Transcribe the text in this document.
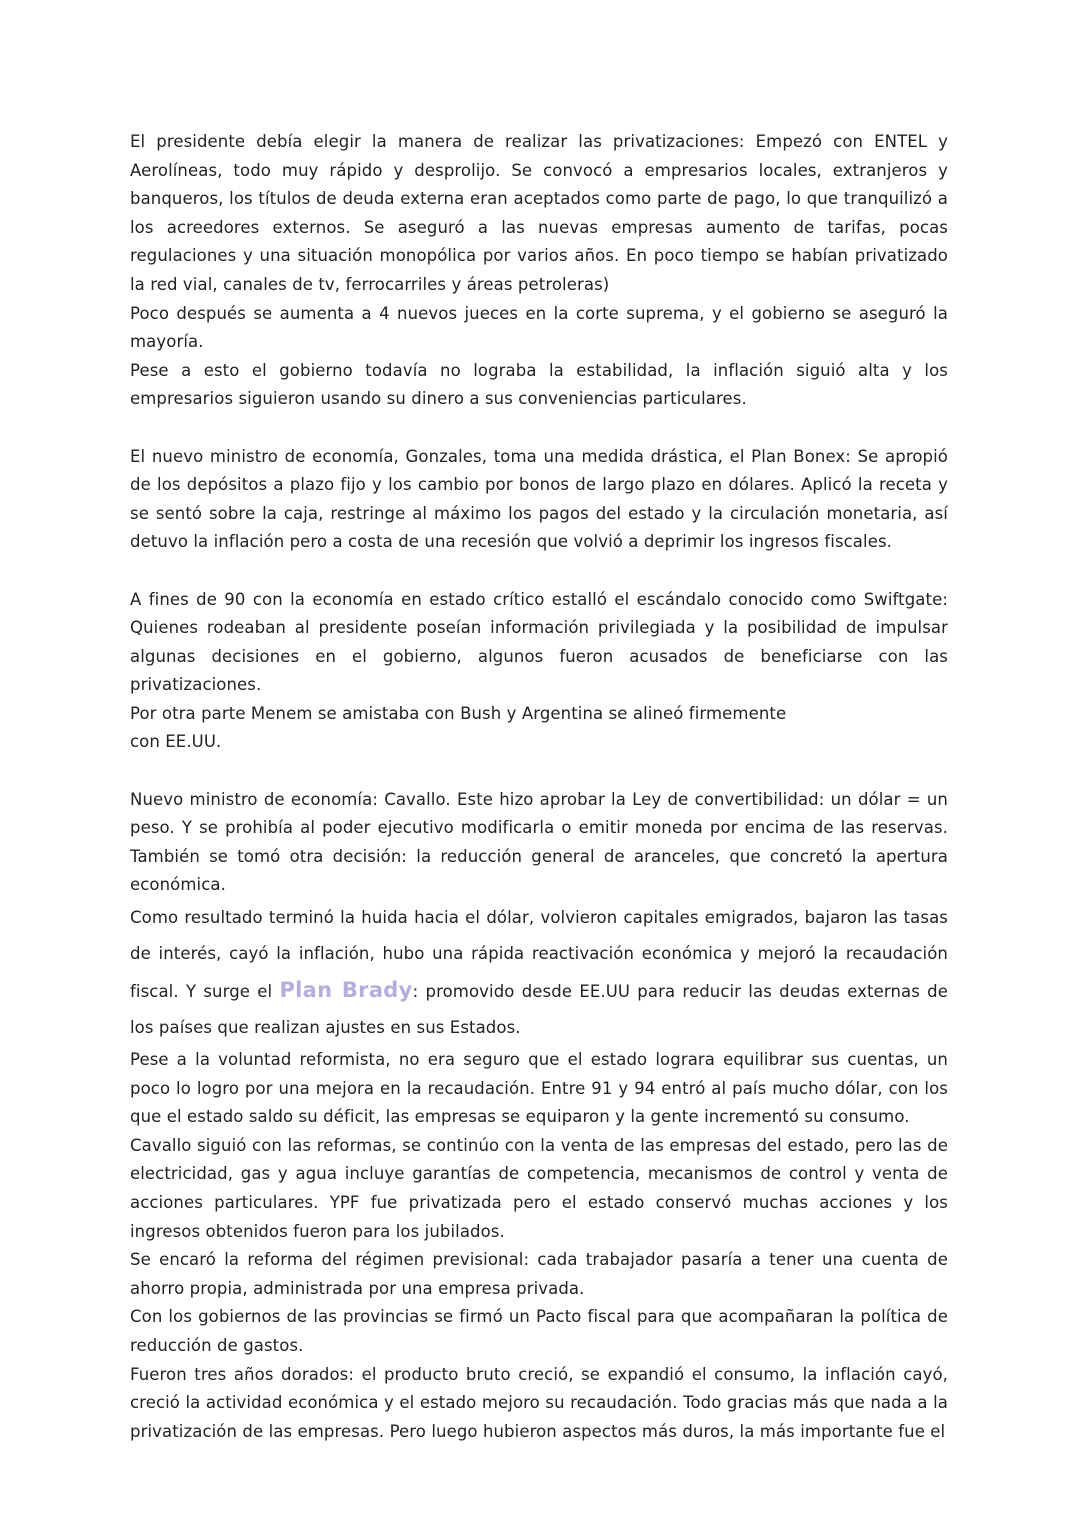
El presidente debía elegir la manera de realizar las privatizaciones: Empezó con ENTEL y Aerolíneas, todo muy rápido y desprolijo. Se convocó a empresarios locales, extranjeros y banqueros, los títulos de deuda externa eran aceptados como parte de pago, lo que tranquilizó a los acreedores externos. Se aseguró a las nuevas empresas aumento de tarifas, pocas regulaciones y una situación monopólica por varios años. En poco tiempo se habían privatizado la red vial, canales de tv, ferrocarriles y áreas petroleras)

Poco después se aumenta a 4 nuevos jueces en la corte suprema, y el gobierno se aseguró la mayoría.

Pese a esto el gobierno todavía no lograba la estabilidad, la inflación siguió alta y los empresarios siguieron usando su dinero a sus conveniencias particulares.

El nuevo ministro de economía, Gonzales, toma una medida drástica, el Plan Bonex: Se apropió de los depósitos a plazo fijo y los cambio por bonos de largo plazo en dólares. Aplicó la receta y se sentó sobre la caja, restringe al máximo los pagos del estado y la circulación monetaria, así detuvo la inflación pero a costa de una recesión que volvió a deprimir los ingresos fiscales.

A fines de 90 con la economía en estado crítico estalló el escándalo conocido como Swiftgate: Quienes rodeaban al presidente poseían información privilegiada y la posibilidad de impulsar algunas decisiones en el gobierno, algunos fueron acusados de beneficiarse con las privatizaciones.

Por otra parte Menem se amistaba con Bush y Argentina se alineó firmemente

con EE.UU.

Nuevo ministro de economía: Cavallo. Este hizo aprobar la Ley de convertibilidad: un dólar = un peso. Y se prohibía al poder ejecutivo modificarla o emitir moneda por encima de las reservas. También se tomó otra decisión: la reducción general de aranceles, que concretó la apertura económica.

Como resultado terminó la huida hacia el dólar, volvieron capitales emigrados, bajaron las tasas de interés, cayó la inflación, hubo una rápida reactivación económica y mejoró la recaudación fiscal. Y surge el Plan Brady: promovido desde EE.UU para reducir las deudas externas de los países que realizan ajustes en sus Estados.

Pese a la voluntad reformista, no era seguro que el estado lograra equilibrar sus cuentas, un poco lo logro por una mejora en la recaudación. Entre 91 y 94 entró al país mucho dólar, con los que el estado saldo su déficit, las empresas se equiparon y la gente incrementó su consumo.

Cavallo siguió con las reformas, se continúo con la venta de las empresas del estado, pero las de electricidad, gas y agua incluye garantías de competencia, mecanismos de control y venta de acciones particulares. YPF fue privatizada pero el estado conservó muchas acciones y los ingresos obtenidos fueron para los jubilados.

Se encaró la reforma del régimen previsional: cada trabajador pasaría a tener una cuenta de ahorro propia, administrada por una empresa privada.

Con los gobiernos de las provincias se firmó un Pacto fiscal para que acompañaran la política de reducción de gastos.

Fueron tres años dorados: el producto bruto creció, se expandió el consumo, la inflación cayó, creció la actividad económica y el estado mejoro su recaudación. Todo gracias más que nada a la privatización de las empresas. Pero luego hubieron aspectos más duros, la más importante fue el
